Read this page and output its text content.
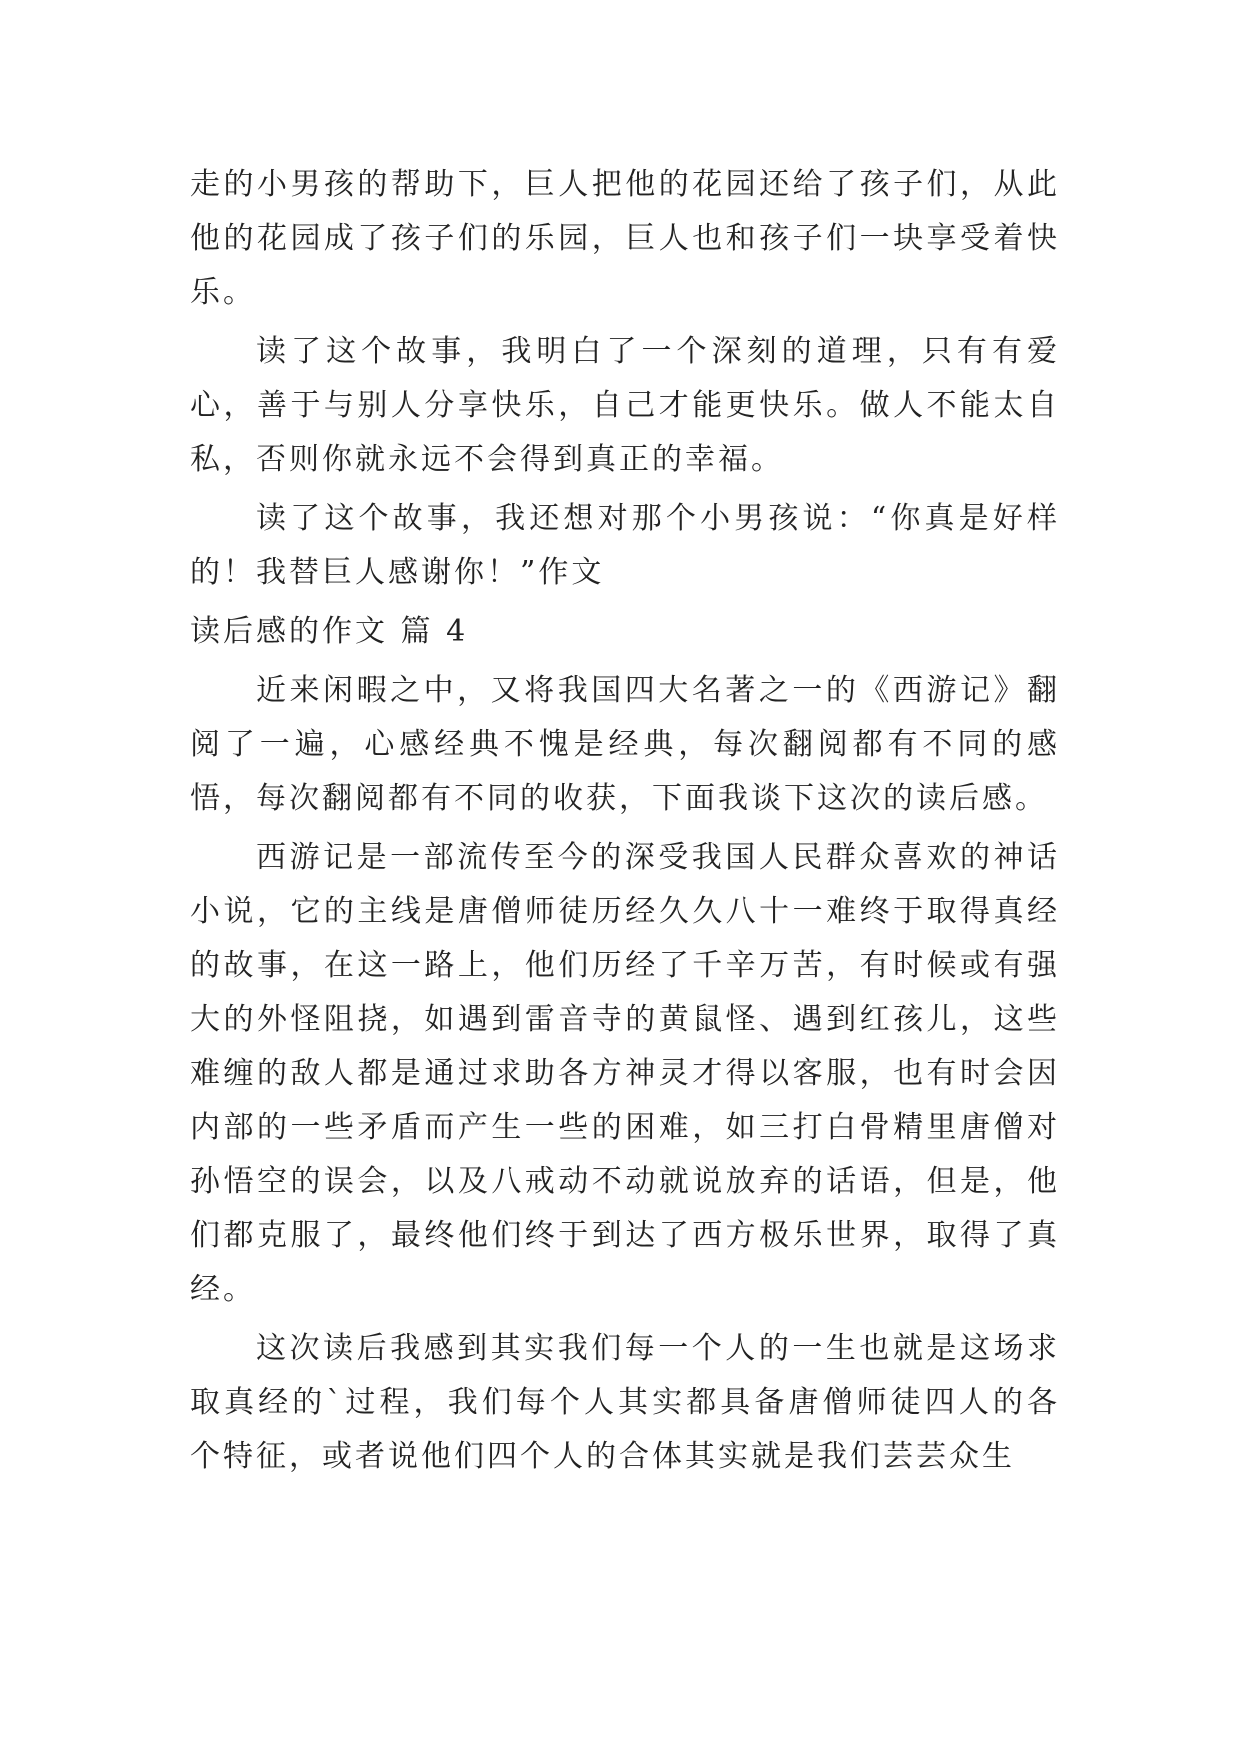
走的小男孩的帮助下，巨人把他的花园还给了孩子们，从此他的花园成了孩子们的乐园，巨人也和孩子们一块享受着快乐。

读了这个故事，我明白了一个深刻的道理，只有有爱心，善于与别人分享快乐，自己才能更快乐。做人不能太自私，否则你就永远不会得到真正的幸福。

读了这个故事，我还想对那个小男孩说：“你真是好样的！我替巨人感谢你！”作文

读后感的作文 篇 4

近来闲暇之中，又将我国四大名著之一的《西游记》翻阅了一遍，心感经典不愧是经典，每次翻阅都有不同的感悟，每次翻阅都有不同的收获，下面我谈下这次的读后感。

西游记是一部流传至今的深受我国人民群众喜欢的神话小说，它的主线是唐僧师徒历经久久八十一难终于取得真经的故事，在这一路上，他们历经了千辛万苦，有时候或有强大的外怪阻挠，如遇到雷音寺的黄鼠怪、遇到红孩儿，这些难缠的敌人都是通过求助各方神灵才得以客服，也有时会因内部的一些矛盾而产生一些的困难，如三打白骨精里唐僧对孙悟空的误会，以及八戒动不动就说放弃的话语，但是，他们都克服了，最终他们终于到达了西方极乐世界，取得了真经。

这次读后我感到其实我们每一个人的一生也就是这场求取真经的`过程，我们每个人其实都具备唐僧师徒四人的各个特征，或者说他们四个人的合体其实就是我们芸芸众生
